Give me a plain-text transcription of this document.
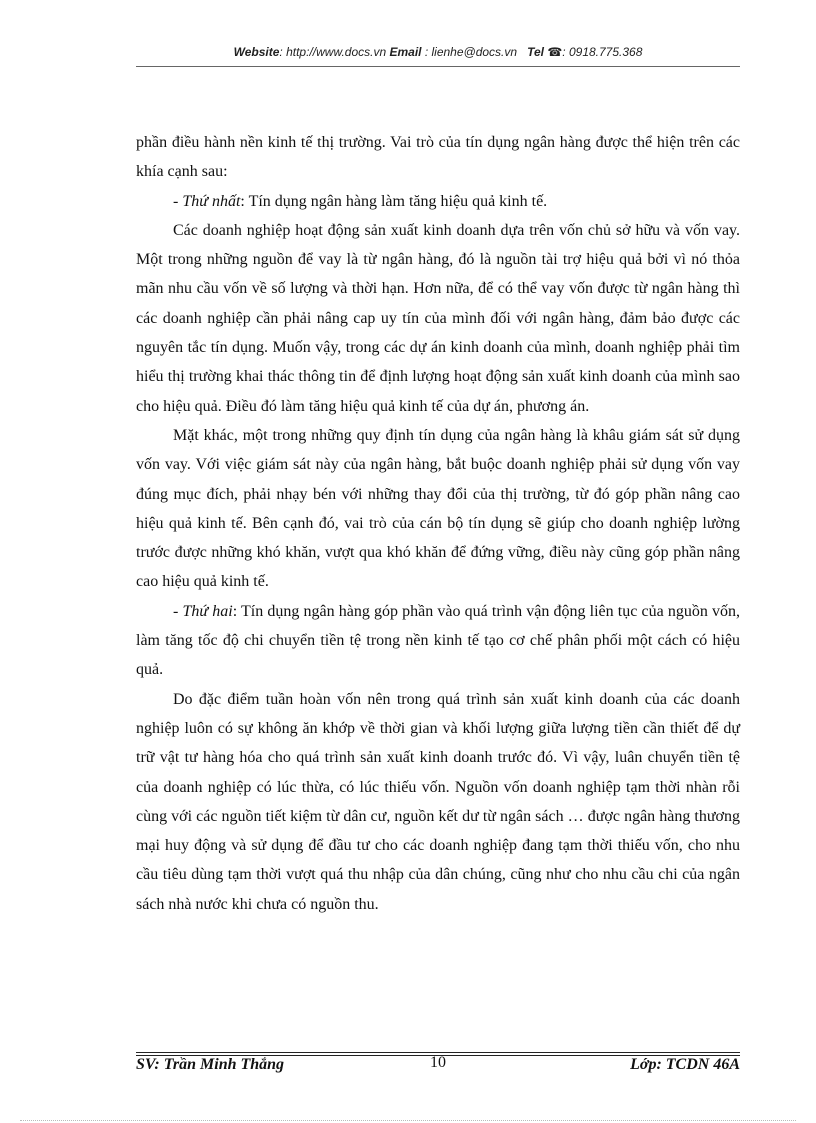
Website: http://www.docs.vn Email : lienhe@docs.vn Tel ☎: 0918.775.368

phần điều hành nền kinh tế thị trường. Vai trò của tín dụng ngân hàng được thể hiện trên các khía cạnh sau:

- Thứ nhất: Tín dụng ngân hàng làm tăng hiệu quả kinh tế.

Các doanh nghiệp hoạt động sản xuất kinh doanh dựa trên vốn chủ sở hữu và vốn vay. Một trong những nguồn để vay là từ ngân hàng, đó là nguồn tài trợ hiệu quả bởi vì nó thỏa mãn nhu cầu vốn về số lượng và thời hạn. Hơn nữa, để có thể vay vốn được từ ngân hàng thì các doanh nghiệp cần phải nâng cap uy tín của mình đối với ngân hàng, đảm bảo được các nguyên tắc tín dụng. Muốn vậy, trong các dự án kinh doanh của mình, doanh nghiệp phải tìm hiểu thị trường khai thác thông tin để định lượng hoạt động sản xuất kinh doanh của mình sao cho hiệu quả. Điều đó làm tăng hiệu quả kinh tế của dự án, phương án.

Mặt khác, một trong những quy định tín dụng của ngân hàng là khâu giám sát sử dụng vốn vay. Với việc giám sát này của ngân hàng, bắt buộc doanh nghiệp phải sử dụng vốn vay đúng mục đích, phải nhạy bén với những thay đổi của thị trường, từ đó góp phần nâng cao hiệu quả kinh tế. Bên cạnh đó, vai trò của cán bộ tín dụng sẽ giúp cho doanh nghiệp lường trước được những khó khăn, vượt qua khó khăn để đứng vững, điều này cũng góp phần nâng cao hiệu quả kinh tế.

- Thứ hai: Tín dụng ngân hàng góp phần vào quá trình vận động liên tục của nguồn vốn, làm tăng tốc độ chi chuyển tiền tệ trong nền kinh tế tạo cơ chế phân phối một cách có hiệu quả.

Do đặc điểm tuần hoàn vốn nên trong quá trình sản xuất kinh doanh của các doanh nghiệp luôn có sự không ăn khớp về thời gian và khối lượng giữa lượng tiền cần thiết để dự trữ vật tư hàng hóa cho quá trình sản xuất kinh doanh trước đó. Vì vậy, luân chuyển tiền tệ của doanh nghiệp có lúc thừa, có lúc thiếu vốn. Nguồn vốn doanh nghiệp tạm thời nhàn rỗi cùng với các nguồn tiết kiệm từ dân cư, nguồn kết dư từ ngân sách … được ngân hàng thương mại huy động và sử dụng để đầu tư cho các doanh nghiệp đang tạm thời thiếu vốn, cho nhu cầu tiêu dùng tạm thời vượt quá thu nhập của dân chúng, cũng như cho nhu cầu chi của ngân sách nhà nước khi chưa có nguồn thu.

SV: Trần Minh Thắng	10	Lớp: TCDN 46A
